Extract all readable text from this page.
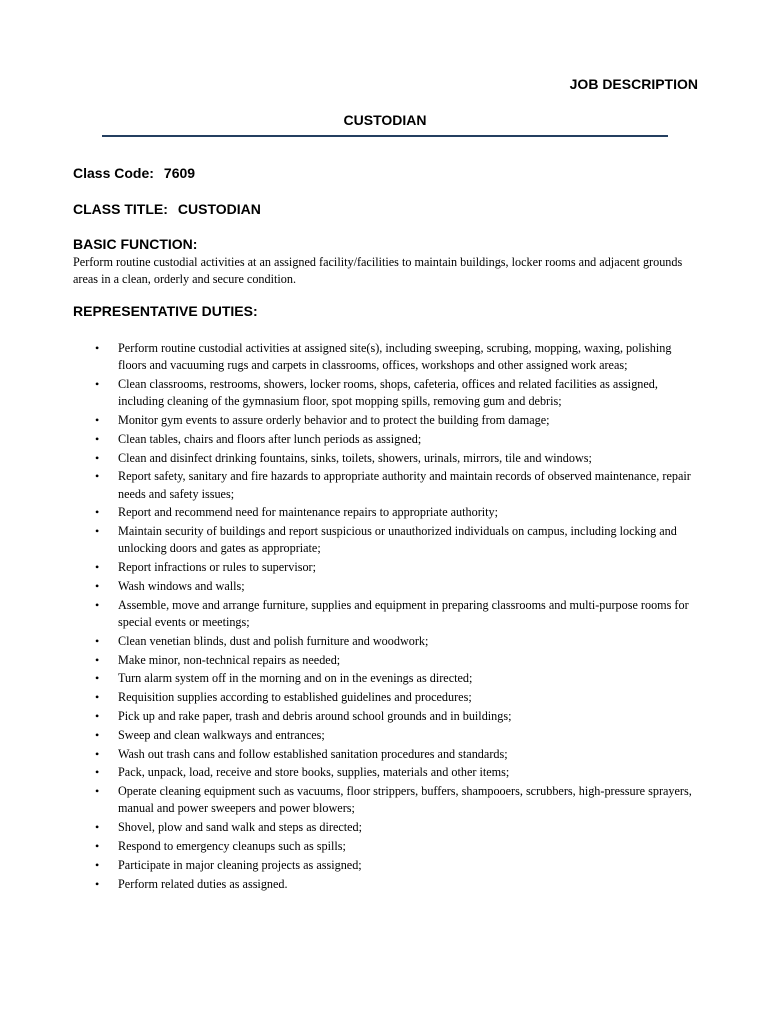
JOB DESCRIPTION
CUSTODIAN
Class Code: 7609
CLASS TITLE: CUSTODIAN
BASIC FUNCTION:
Perform routine custodial activities at an assigned facility/facilities to maintain buildings, locker rooms and adjacent grounds areas in a clean, orderly and secure condition.
REPRESENTATIVE DUTIES:
• Perform routine custodial activities at assigned site(s), including sweeping, scrubing, mopping, waxing, polishing floors and vacuuming rugs and carpets in classrooms, offices, workshops and other assigned work areas;
• Clean classrooms, restrooms, showers, locker rooms, shops, cafeteria, offices and related facilities as assigned, including cleaning of the gymnasium floor, spot mopping spills, removing gum and debris;
• Monitor gym events to assure orderly behavior and to protect the building from damage;
• Clean tables, chairs and floors after lunch periods as assigned;
• Clean and disinfect drinking fountains, sinks, toilets, showers, urinals, mirrors, tile and windows;
• Report safety, sanitary and fire hazards to appropriate authority and maintain records of observed maintenance, repair needs and safety issues;
• Report and recommend need for maintenance repairs to appropriate authority;
• Maintain security of buildings and report suspicious or unauthorized individuals on campus, including locking and unlocking doors and gates as appropriate;
• Report infractions or rules to supervisor;
• Wash windows and walls;
• Assemble, move and arrange furniture, supplies and equipment in preparing classrooms and multi-purpose rooms for special events or meetings;
• Clean venetian blinds, dust and polish furniture and woodwork;
• Make minor, non-technical repairs as needed;
• Turn alarm system off in the morning and on in the evenings as directed;
• Requisition supplies according to established guidelines and procedures;
• Pick up and rake paper, trash and debris around school grounds and in buildings;
• Sweep and clean walkways and entrances;
• Wash out trash cans and follow established sanitation procedures and standards;
• Pack, unpack, load, receive and store books, supplies, materials and other items;
• Operate cleaning equipment such as vacuums, floor strippers, buffers, shampooers, scrubbers, high-pressure sprayers, manual and power sweepers and power blowers;
• Shovel, plow and sand walk and steps as directed;
• Respond to emergency cleanups such as spills;
• Participate in major cleaning projects as assigned;
• Perform related duties as assigned.
